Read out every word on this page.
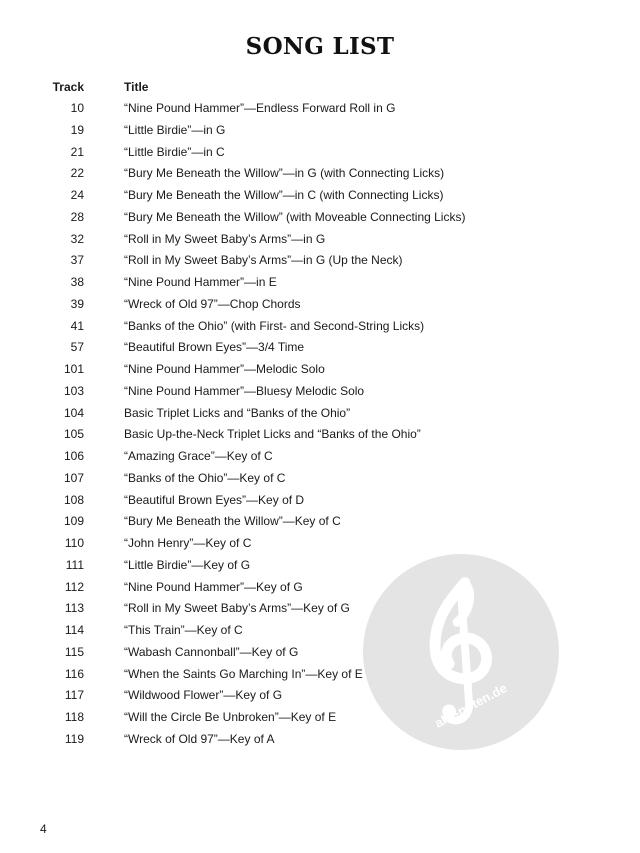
SONG LIST
alle-noten.de
Track	Title
10	“Nine Pound Hammer”—Endless Forward Roll in G
19	“Little Birdie”—in G
21	“Little Birdie”—in C
22	“Bury Me Beneath the Willow”—in G (with Connecting Licks)
24	“Bury Me Beneath the Willow”—in C (with Connecting Licks)
28	“Bury Me Beneath the Willow” (with Moveable Connecting Licks)
32	“Roll in My Sweet Baby’s Arms”—in G
37	“Roll in My Sweet Baby’s Arms”—in G (Up the Neck)
38	“Nine Pound Hammer”—in E
39	“Wreck of Old 97”—Chop Chords
41	“Banks of the Ohio” (with First- and Second-String Licks)
57	“Beautiful Brown Eyes”—3/4 Time
101	“Nine Pound Hammer”—Melodic Solo
103	“Nine Pound Hammer”—Bluesy Melodic Solo
104	Basic Triplet Licks and “Banks of the Ohio”
105	Basic Up-the-Neck Triplet Licks and “Banks of the Ohio”
106	“Amazing Grace”—Key of C
107	“Banks of the Ohio”—Key of C
108	“Beautiful Brown Eyes”—Key of D
109	“Bury Me Beneath the Willow”—Key of C
110	“John Henry”—Key of C
111	“Little Birdie”—Key of G
112	“Nine Pound Hammer”—Key of G
113	“Roll in My Sweet Baby’s Arms”—Key of G
114	“This Train”—Key of C
115	“Wabash Cannonball”—Key of G
116	“When the Saints Go Marching In”—Key of E
117	“Wildwood Flower”—Key of G
118	“Will the Circle Be Unbroken”—Key of E
119	“Wreck of Old 97”—Key of A
4
